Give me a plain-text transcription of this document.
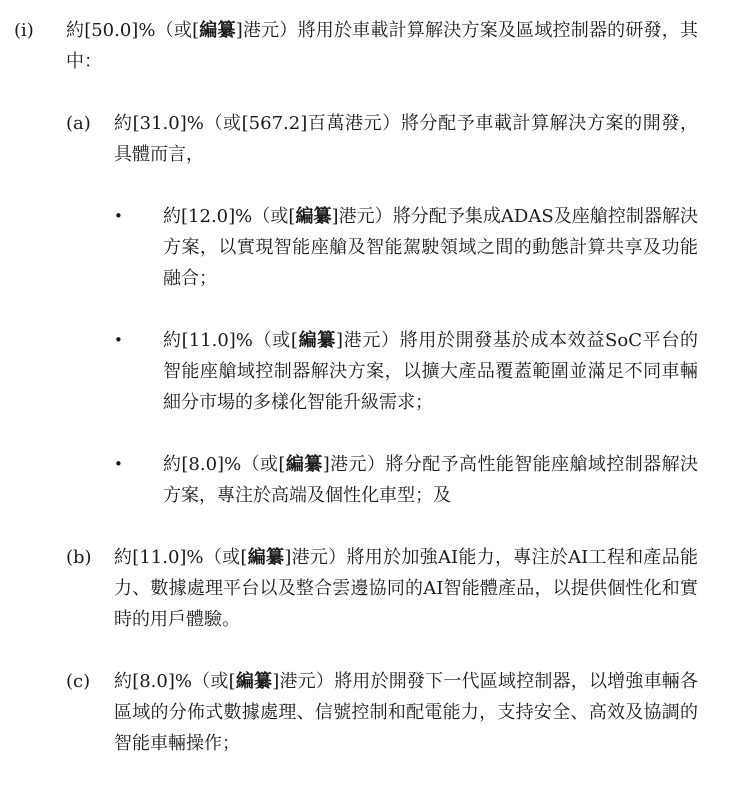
(i) 約[50.0]%（或[編纂]港元）將用於車載計算解決方案及區域控制器的研發，其中：

(a) 約[31.0]%（或[567.2]百萬港元）將分配予車載計算解決方案的開發，具體而言，

• 約[12.0]%（或[編纂]港元）將分配予集成ADAS及座艙控制器解決方案，以實現智能座艙及智能駕駛領域之間的動態計算共享及功能融合；

• 約[11.0]%（或[編纂]港元）將用於開發基於成本效益SoC平台的智能座艙域控制器解決方案，以擴大產品覆蓋範圍並滿足不同車輛細分市場的多樣化智能升級需求；

• 約[8.0]%（或[編纂]港元）將分配予高性能智能座艙域控制器解決方案，專注於高端及個性化車型；及

(b) 約[11.0]%（或[編纂]港元）將用於加強AI能力，專注於AI工程和產品能力、數據處理平台以及整合雲邊協同的AI智能體產品，以提供個性化和實時的用戶體驗。

(c) 約[8.0]%（或[編纂]港元）將用於開發下一代區域控制器，以增強車輛各區域的分佈式數據處理、信號控制和配電能力，支持安全、高效及協調的智能車輛操作；
